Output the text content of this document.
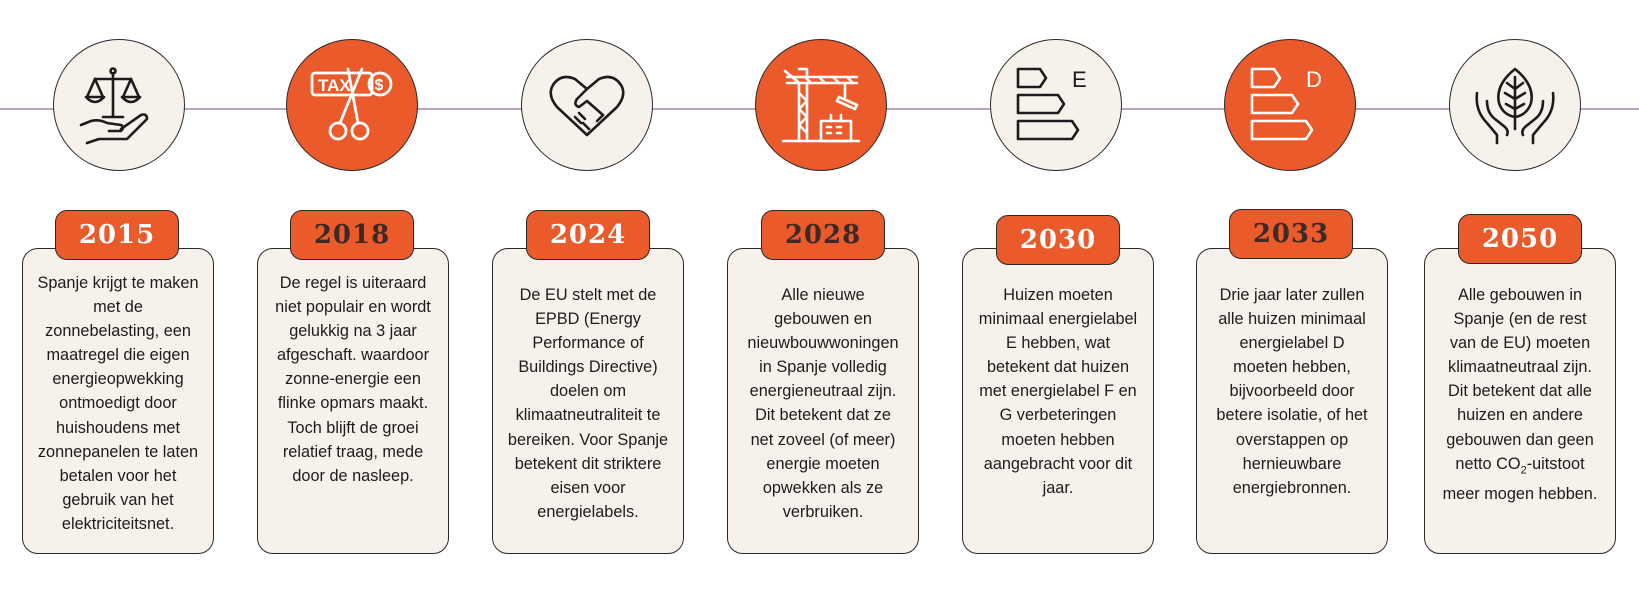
TAX $	E	D
Spanje krijgt te maken met de zonnebelasting, een maatregel die eigen energieopwekking ontmoedigt door huishoudens met zonnepanelen te laten betalen voor het gebruik van het elektriciteitsnet.
De regel is uiteraard niet populair en wordt gelukkig na 3 jaar afgeschaft. waardoor zonne-energie een flinke opmars maakt. Toch blijft de groei relatief traag, mede door de nasleep.
De EU stelt met de EPBD (Energy Performance of Buildings Directive) doelen om klimaatneutraliteit te bereiken. Voor Spanje betekent dit striktere eisen voor energielabels.
Alle nieuwe gebouwen en nieuwbouwwoningen in Spanje volledig energieneutraal zijn. Dit betekent dat ze net zoveel (of meer) energie moeten opwekken als ze verbruiken.
Huizen moeten minimaal energielabel E hebben, wat betekent dat huizen met energielabel F en G verbeteringen moeten hebben aangebracht voor dit jaar.
Drie jaar later zullen alle huizen minimaal energielabel D moeten hebben, bijvoorbeeld door betere isolatie, of het overstappen op hernieuwbare energiebronnen.
Alle gebouwen in Spanje (en de rest van de EU) moeten klimaatneutraal zijn. Dit betekent dat alle huizen en andere gebouwen dan geen netto $CO_2$-uitstoot meer mogen hebben.
2015	2018	2024	2028	2030	2033	2050
